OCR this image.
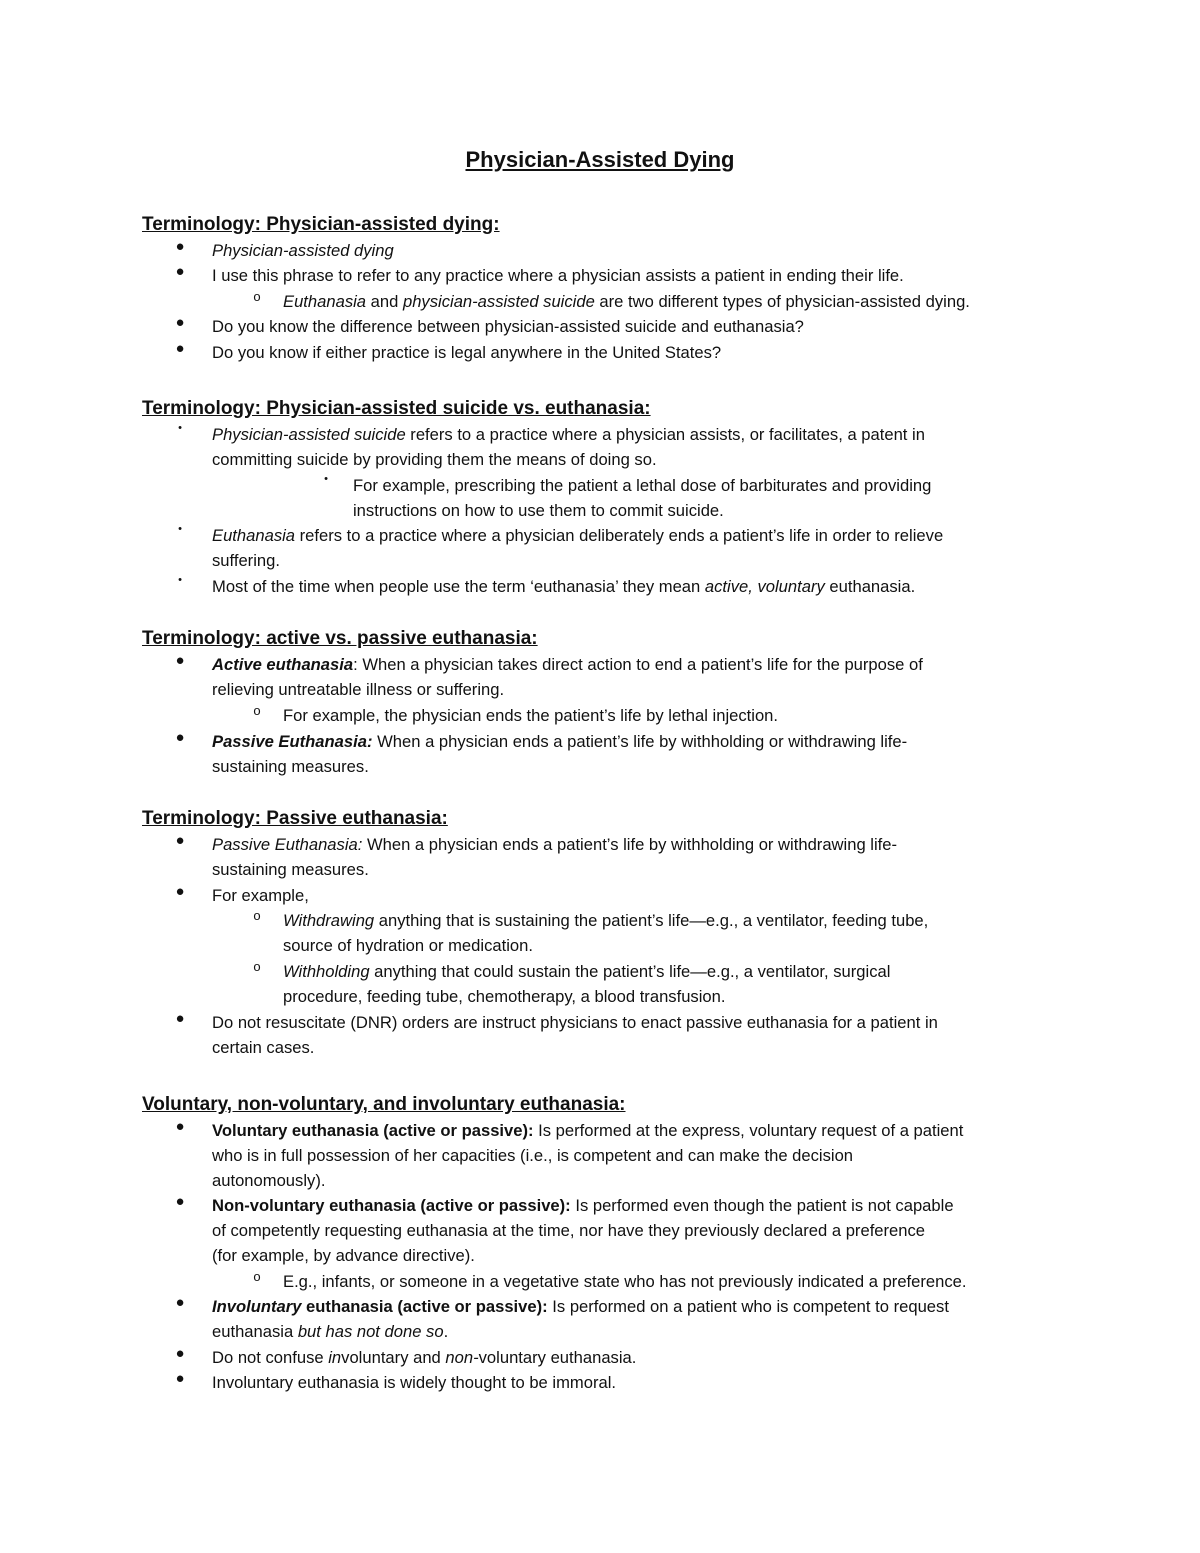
Physician-Assisted Dying
Terminology: Physician-assisted dying:
● Physician-assisted dying

● I use this phrase to refer to any practice where a physician assists a patient in ending their life.

o Euthanasia and physician-assisted suicide are two different types of physician-assisted dying.

● Do you know the difference between physician-assisted suicide and euthanasia?

● Do you know if either practice is legal anywhere in the United States?

Terminology: Physician-assisted suicide vs. euthanasia:
• Physician-assisted suicide refers to a practice where a physician assists, or facilitates, a patent in

committing suicide by providing them the means of doing so.

• For example, prescribing the patient a lethal dose of barbiturates and providing

instructions on how to use them to commit suicide.

• Euthanasia refers to a practice where a physician deliberately ends a patient’s life in order to relieve

suffering.

• Most of the time when people use the term ‘euthanasia’ they mean active, voluntary euthanasia.

Terminology: active vs. passive euthanasia:
● Active euthanasia: When a physician takes direct action to end a patient’s life for the purpose of

relieving untreatable illness or suffering.

o For example, the physician ends the patient’s life by lethal injection.

● Passive Euthanasia: When a physician ends a patient’s life by withholding or withdrawing life-

sustaining measures.

Terminology: Passive euthanasia:
● Passive Euthanasia: When a physician ends a patient’s life by withholding or withdrawing life-

sustaining measures.

● For example,

o Withdrawing anything that is sustaining the patient’s life—e.g., a ventilator, feeding tube,

source of hydration or medication.

o Withholding anything that could sustain the patient’s life—e.g., a ventilator, surgical

procedure, feeding tube, chemotherapy, a blood transfusion.

● Do not resuscitate (DNR) orders are instruct physicians to enact passive euthanasia for a patient in

certain cases.

Voluntary, non-voluntary, and involuntary euthanasia:
● Voluntary euthanasia (active or passive): Is performed at the express, voluntary request of a patient

who is in full possession of her capacities (i.e., is competent and can make the decision

autonomously).

● Non-voluntary euthanasia (active or passive): Is performed even though the patient is not capable

of competently requesting euthanasia at the time, nor have they previously declared a preference

(for example, by advance directive).

o E.g., infants, or someone in a vegetative state who has not previously indicated a preference.

● Involuntary euthanasia (active or passive): Is performed on a patient who is competent to request

euthanasia but has not done so.

● Do not confuse involuntary and non-voluntary euthanasia.

● Involuntary euthanasia is widely thought to be immoral.
